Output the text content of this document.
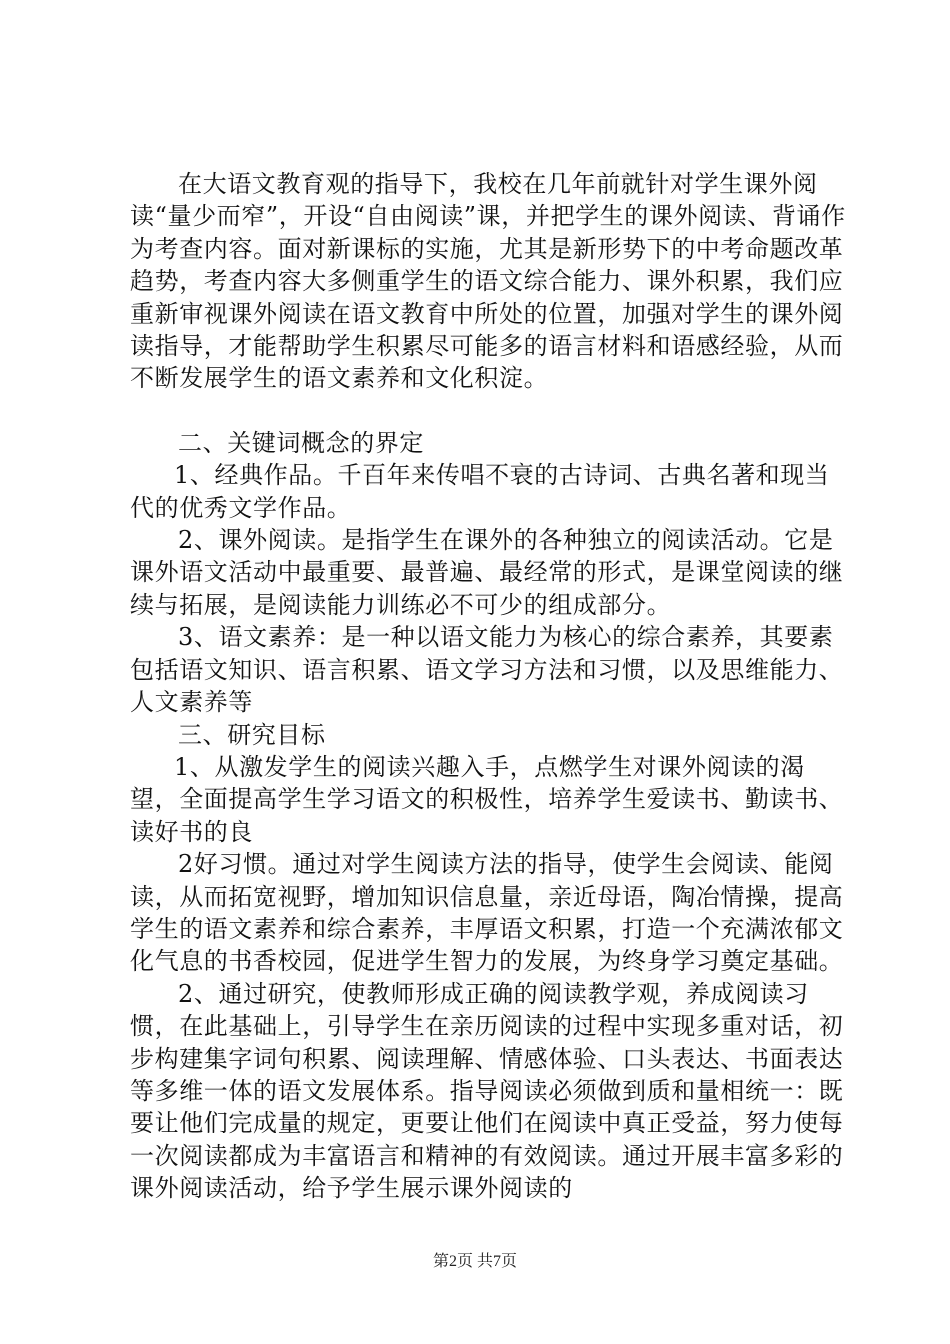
在大语文教育观的指导下，我校在几年前就针对学生课外阅读“量少而窄”，开设“自由阅读”课，并把学生的课外阅读、背诵作为考查内容。面对新课标的实施，尤其是新形势下的中考命题改革趋势，考查内容大多侧重学生的语文综合能力、课外积累，我们应重新审视课外阅读在语文教育中所处的位置，加强对学生的课外阅读指导，才能帮助学生积累尽可能多的语言材料和语感经验，从而不断发展学生的语文素养和文化积淀。

二、关键词概念的界定

1、经典作品。千百年来传唱不衰的古诗词、古典名著和现当代的优秀文学作品。

2、课外阅读。是指学生在课外的各种独立的阅读活动。它是课外语文活动中最重要、最普遍、最经常的形式，是课堂阅读的继续与拓展，是阅读能力训练必不可少的组成部分。

3、语文素养：是一种以语文能力为核心的综合素养，其要素包括语文知识、语言积累、语文学习方法和习惯，以及思维能力、人文素养等

三、研究目标

1、从激发学生的阅读兴趣入手，点燃学生对课外阅读的渴望，全面提高学生学习语文的积极性，培养学生爱读书、勤读书、读好书的良

2好习惯。通过对学生阅读方法的指导，使学生会阅读、能阅读，从而拓宽视野，增加知识信息量，亲近母语，陶冶情操，提高学生的语文素养和综合素养，丰厚语文积累，打造一个充满浓郁文化气息的书香校园，促进学生智力的发展，为终身学习奠定基础。

2、通过研究，使教师形成正确的阅读教学观，养成阅读习惯，在此基础上，引导学生在亲历阅读的过程中实现多重对话，初步构建集字词句积累、阅读理解、情感体验、口头表达、书面表达等多维一体的语文发展体系。指导阅读必须做到质和量相统一：既要让他们完成量的规定，更要让他们在阅读中真正受益，努力使每一次阅读都成为丰富语言和精神的有效阅读。通过开展丰富多彩的课外阅读活动，给予学生展示课外阅读的

第2页 共7页
